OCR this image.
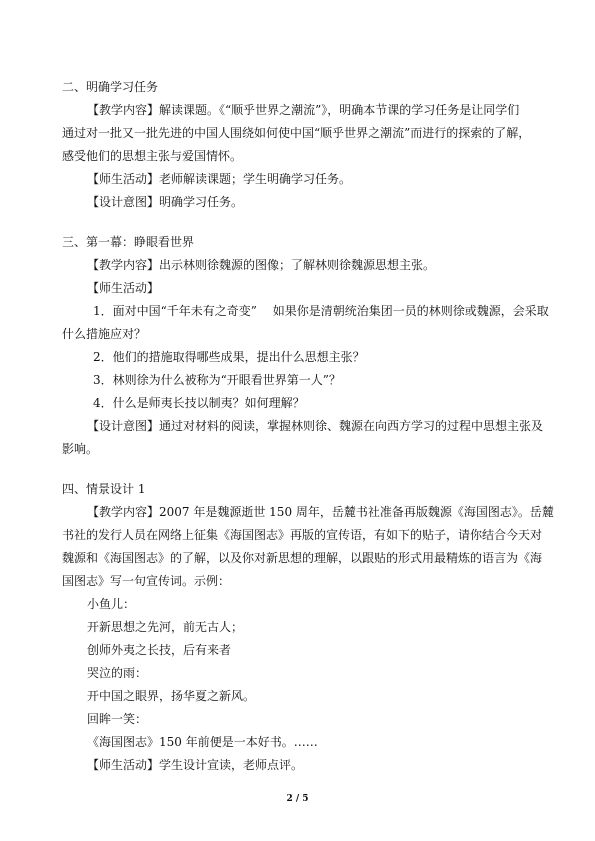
二、明确学习任务
【教学内容】解读课题。《“顺乎世界之潮流”》，明确本节课的学习任务是让同学们
通过对一批又一批先进的中国人围绕如何使中国“顺乎世界之潮流”而进行的探索的了解，
感受他们的思想主张与爱国情怀。
【师生活动】老师解读课题；学生明确学习任务。
【设计意图】明确学习任务。
三、第一幕：睁眼看世界
【教学内容】出示林则徐魏源的图像；了解林则徐魏源思想主张。
【师生活动】
1．面对中国“千年未有之奇变”　 如果你是清朝统治集团一员的林则徐或魏源，会采取
什么措施应对？
2．他们的措施取得哪些成果，提出什么思想主张？
3．林则徐为什么被称为“开眼看世界第一人”？
4．什么是师夷长技以制夷？如何理解？
【设计意图】通过对材料的阅读，掌握林则徐、魏源在向西方学习的过程中思想主张及
影响。
四、情景设计 1
【教学内容】2007 年是魏源逝世 150 周年，岳麓书社准备再版魏源《海国图志》。岳麓
书社的发行人员在网络上征集《海国图志》再版的宣传语，有如下的贴子，请你结合今天对
魏源和《海国图志》的了解，以及你对新思想的理解，以跟贴的形式用最精炼的语言为《海
国图志》写一句宣传词。示例：
小鱼儿：
开新思想之先河，前无古人；
创师外夷之长技，后有来者
哭泣的雨：
开中国之眼界，扬华夏之新风。
回眸一笑：
《海国图志》150 年前便是一本好书。……
【师生活动】学生设计宣读，老师点评。
2 / 5
